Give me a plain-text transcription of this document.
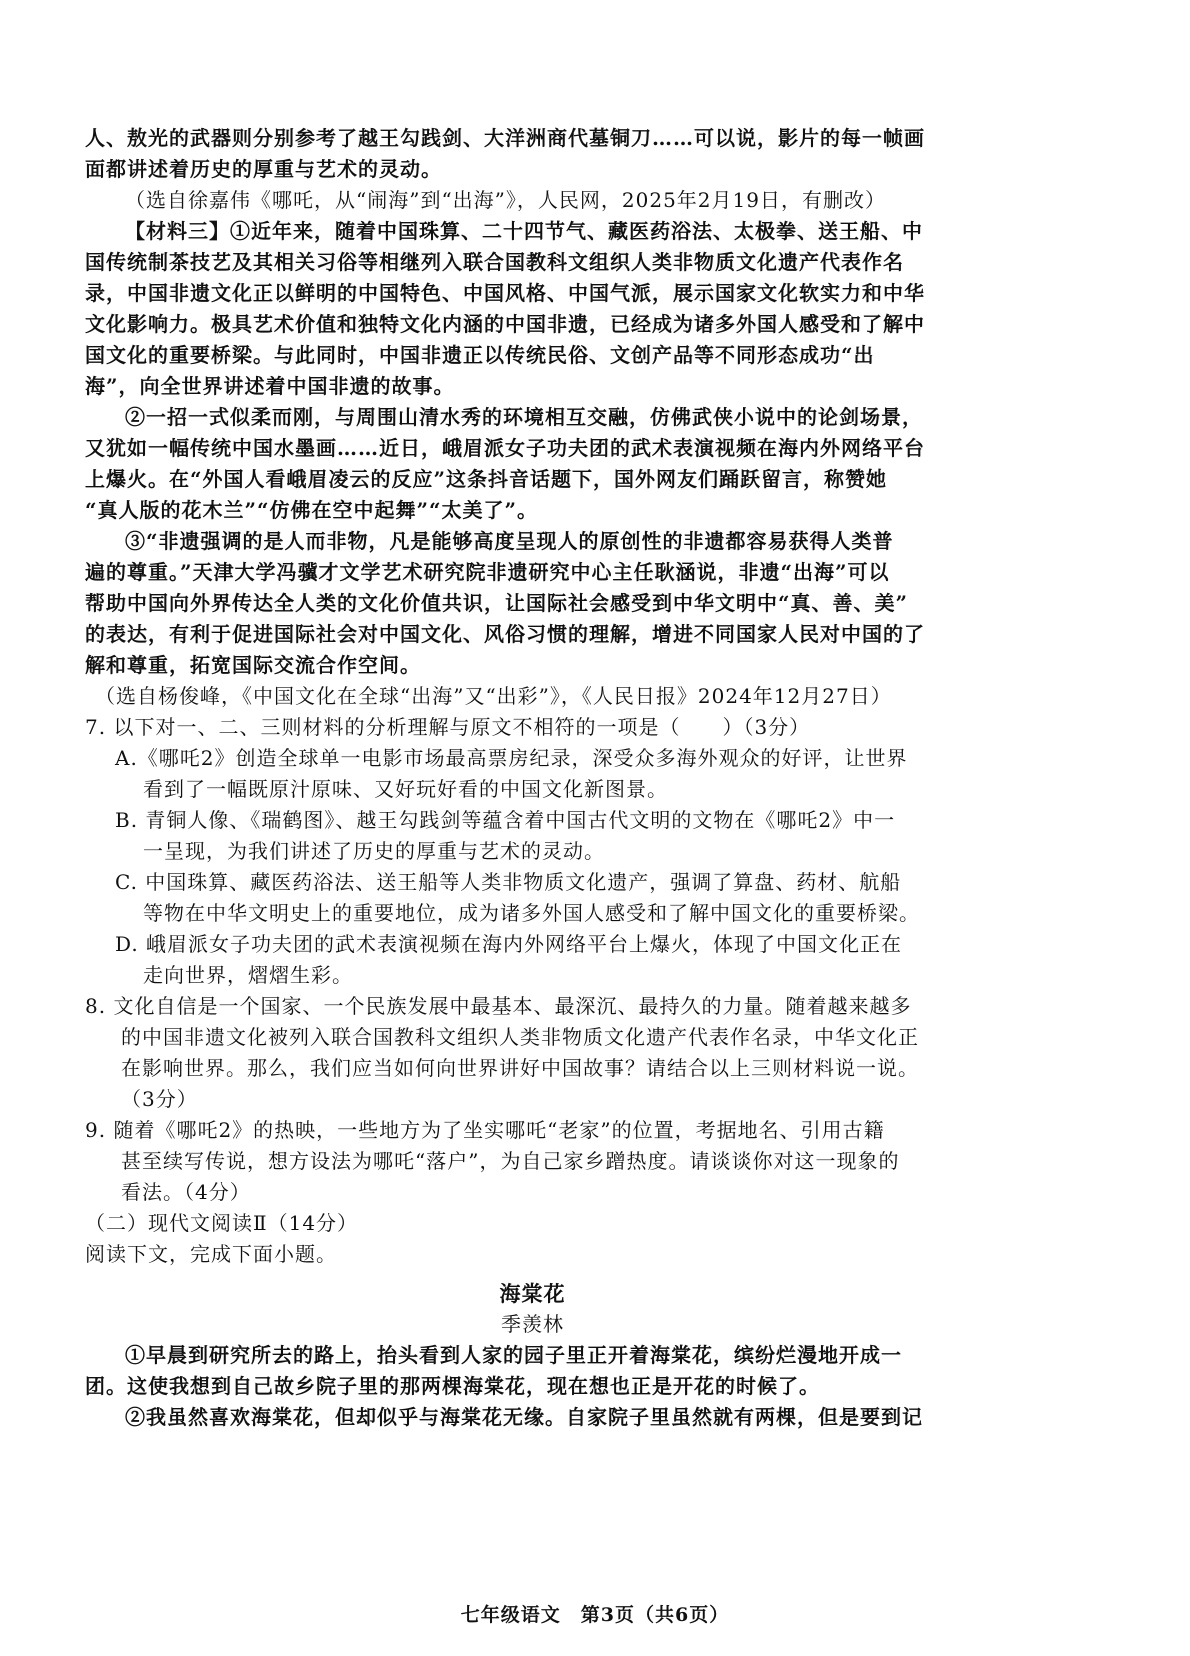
人、敖光的武器则分别参考了越王勾践剑、大洋洲商代墓铜刀……可以说，影片的每一帧画
面都讲述着历史的厚重与艺术的灵动。
（选自徐嘉伟《哪吒，从“闹海”到“出海”》，人民网，2025年2月19日，有删改）
【材料三】①近年来，随着中国珠算、二十四节气、藏医药浴法、太极拳、送王船、中
国传统制茶技艺及其相关习俗等相继列入联合国教科文组织人类非物质文化遗产代表作名
录，中国非遗文化正以鲜明的中国特色、中国风格、中国气派，展示国家文化软实力和中华
文化影响力。极具艺术价值和独特文化内涵的中国非遗，已经成为诸多外国人感受和了解中
国文化的重要桥梁。与此同时，中国非遗正以传统民俗、文创产品等不同形态成功“出
海”，向全世界讲述着中国非遗的故事。
②一招一式似柔而刚，与周围山清水秀的环境相互交融，仿佛武侠小说中的论剑场景，
又犹如一幅传统中国水墨画……近日，峨眉派女子功夫团的武术表演视频在海内外网络平台
上爆火。在“外国人看峨眉凌云的反应”这条抖音话题下，国外网友们踊跃留言，称赞她
“真人版的花木兰”“仿佛在空中起舞”“太美了”。
③“非遗强调的是人而非物，凡是能够高度呈现人的原创性的非遗都容易获得人类普
遍的尊重。”天津大学冯骥才文学艺术研究院非遗研究中心主任耿涵说，非遗“出海”可以
帮助中国向外界传达全人类的文化价值共识，让国际社会感受到中华文明中“真、善、美”
的表达，有利于促进国际社会对中国文化、风俗习惯的理解，增进不同国家人民对中国的了
解和尊重，拓宽国际交流合作空间。
（选自杨俊峰，《中国文化在全球“出海”又“出彩”》，《人民日报》2024年12月27日）
7. 以下对一、二、三则材料的分析理解与原文不相符的一项是（　　）（3分）
A.《哪吒2》创造全球单一电影市场最高票房纪录，深受众多海外观众的好评，让世界
看到了一幅既原汁原味、又好玩好看的中国文化新图景。
B. 青铜人像、《瑞鹤图》、越王勾践剑等蕴含着中国古代文明的文物在《哪吒2》中一
一呈现，为我们讲述了历史的厚重与艺术的灵动。
C. 中国珠算、藏医药浴法、送王船等人类非物质文化遗产，强调了算盘、药材、航船
等物在中华文明史上的重要地位，成为诸多外国人感受和了解中国文化的重要桥梁。
D. 峨眉派女子功夫团的武术表演视频在海内外网络平台上爆火，体现了中国文化正在
走向世界，熠熠生彩。
8. 文化自信是一个国家、一个民族发展中最基本、最深沉、最持久的力量。随着越来越多
的中国非遗文化被列入联合国教科文组织人类非物质文化遗产代表作名录，中华文化正
在影响世界。那么，我们应当如何向世界讲好中国故事？请结合以上三则材料说一说。
（3分）
9. 随着《哪吒2》的热映，一些地方为了坐实哪吒“老家”的位置，考据地名、引用古籍
甚至续写传说，想方设法为哪吒“落户”，为自己家乡蹭热度。请谈谈你对这一现象的
看法。（4分）
（二）现代文阅读Ⅱ（14分）
阅读下文，完成下面小题。
海棠花
季羡林
①早晨到研究所去的路上，抬头看到人家的园子里正开着海棠花，缤纷烂漫地开成一
团。这使我想到自己故乡院子里的那两棵海棠花，现在想也正是开花的时候了。
②我虽然喜欢海棠花，但却似乎与海棠花无缘。自家院子里虽然就有两棵，但是要到记
七年级语文　第3页（共6页）
